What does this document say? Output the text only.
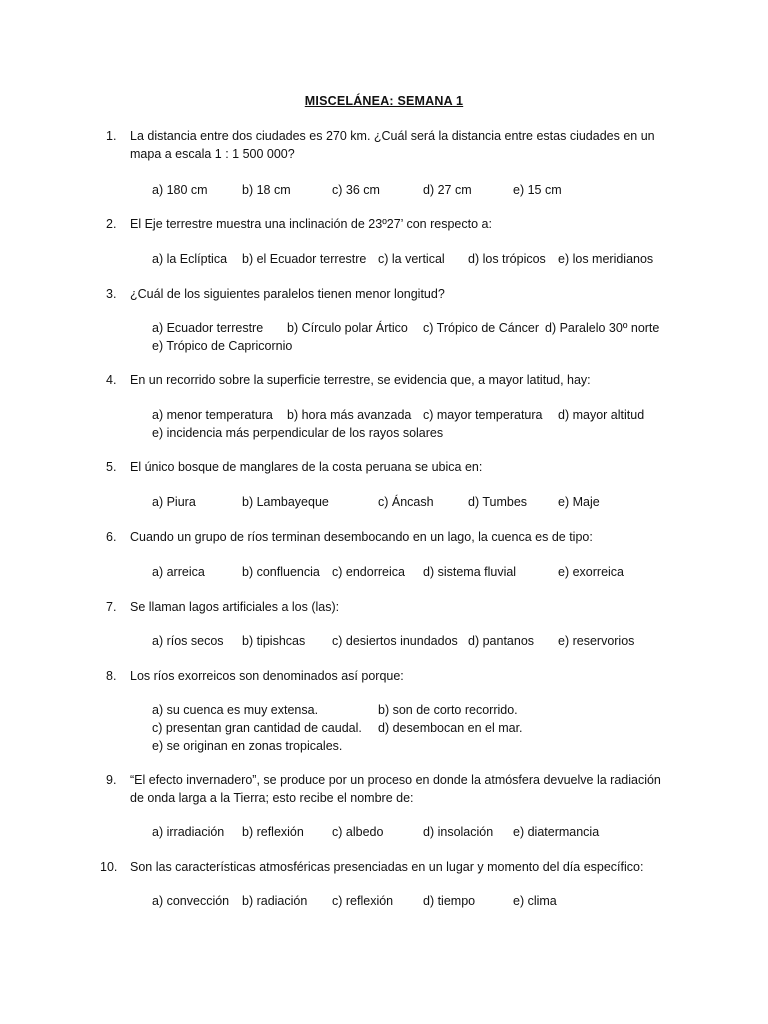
MISCELÁNEA: SEMANA 1
1. La distancia entre dos ciudades es 270 km. ¿Cuál será la distancia entre estas ciudades en un mapa a escala 1 : 1 500 000?
a) 180 cm	b) 18 cm	c) 36 cm	d) 27 cm	e) 15 cm
2. El Eje terrestre muestra una inclinación de 23º27’ con respecto a:
a) la Eclíptica b) el Ecuador terrestre c) la vertical d) los trópicos e) los meridianos
3. ¿Cuál de los siguientes paralelos tienen menor longitud?
a) Ecuador terrestre b) Círculo polar Ártico c) Trópico de Cáncer d) Paralelo 30º norte
e) Trópico de Capricornio
4. En un recorrido sobre la superficie terrestre, se evidencia que, a mayor latitud, hay:
a) menor temperatura b) hora más avanzada c) mayor temperatura d) mayor altitud
e) incidencia más perpendicular de los rayos solares
5. El único bosque de manglares de la costa peruana se ubica en:
a) Piura	b) Lambayeque	c) Áncash	d) Tumbes e) Maje
6. Cuando un grupo de ríos terminan desembocando en un lago, la cuenca es de tipo:
a) arreica	b) confluencia c) endorreica d) sistema fluvial	e) exorreica
7. Se llaman lagos artificiales a los (las):
a) ríos secos b) tipishcas c) desiertos inundados d) pantanos e) reservorios
8. Los ríos exorreicos son denominados así porque:
a) su cuenca es muy extensa.	b) son de corto recorrido.
c) presentan gran cantidad de caudal. d) desembocan en el mar.
e) se originan en zonas tropicales.
9. “El efecto invernadero”, se produce por un proceso en donde la atmósfera devuelve la radiación de onda larga a la Tierra; esto recibe el nombre de:
a) irradiación b) reflexión c) albedo	d) insolación e) diatermancia
10. Son las características atmosféricas presenciadas en un lugar y momento del día específico:
a) convección b) radiación c) reflexión d) tiempo	e) clima
